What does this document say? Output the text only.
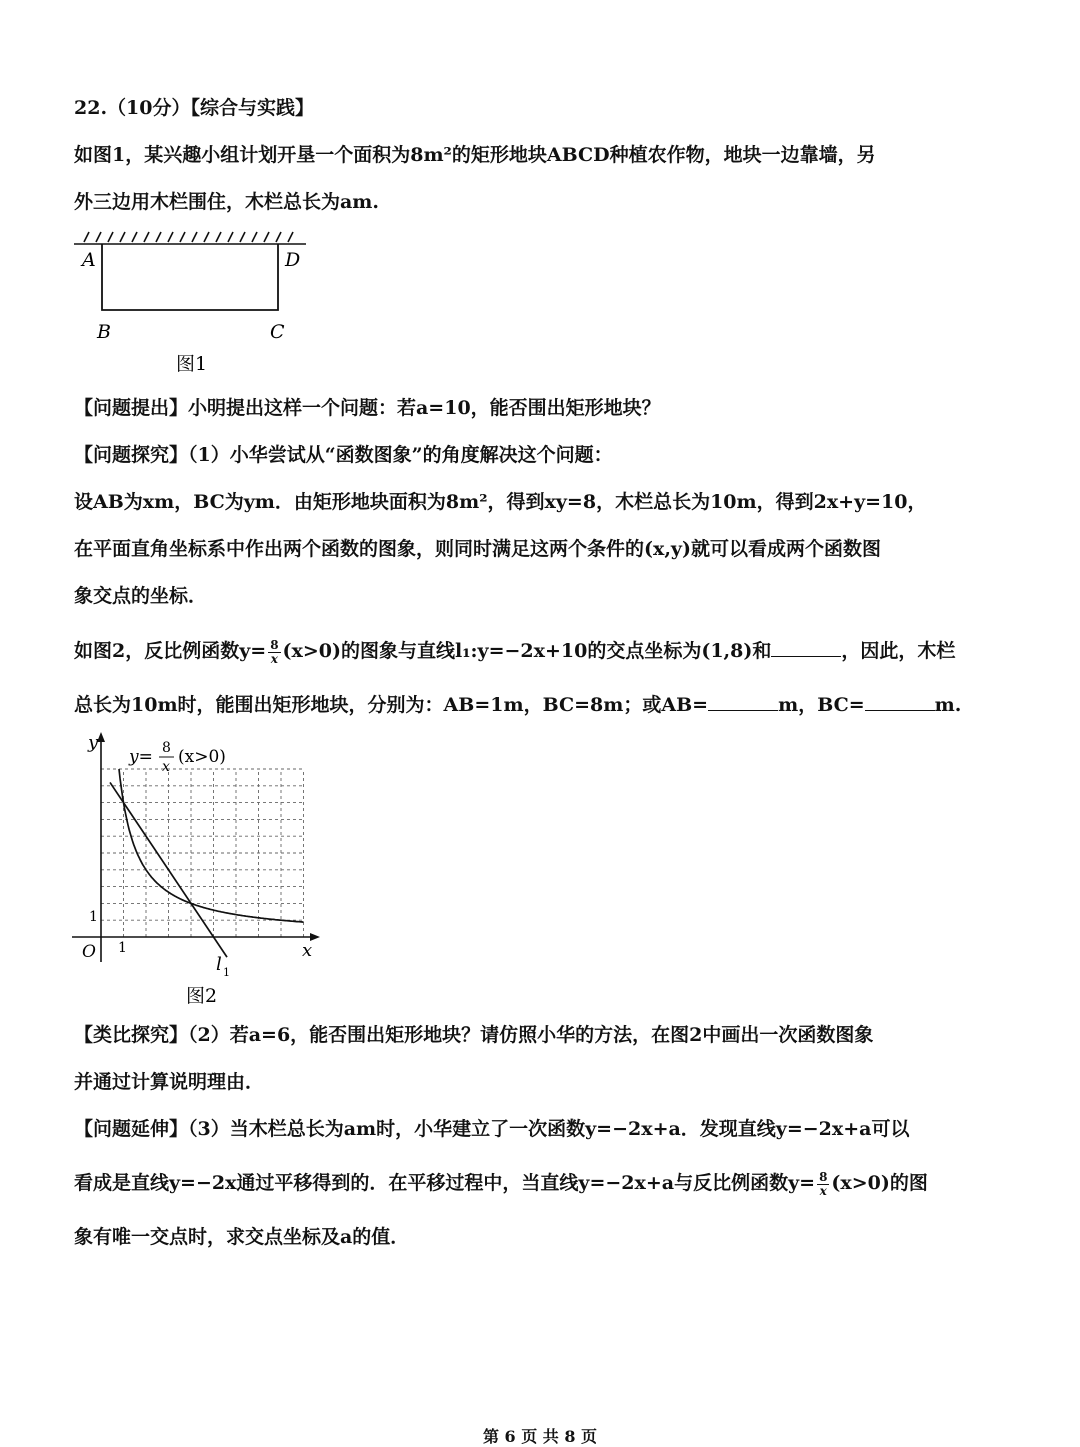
22.（10分）【综合与实践】
如图1，某兴趣小组计划开垦一个面积为8m²的矩形地块ABCD种植农作物，地块一边靠墙，另
外三边用木栏围住，木栏总长为am.
A	D
B	C
图1
【问题提出】小明提出这样一个问题：若a=10，能否围出矩形地块？
【问题探究】（1）小华尝试从“函数图象”的角度解决这个问题：
设AB为xm，BC为ym．由矩形地块面积为8m²，得到xy=8，木栏总长为10m，得到2x+y=10，
在平面直角坐标系中作出两个函数的图象，则同时满足这两个条件的(x,y)就可以看成两个函数图
象交点的坐标．
如图2，反比例函数$y= \frac{8}{x} (x>0)$的图象与直线l₁:y=−2x+10的交点坐标为(1,8)和	，因此，木栏
总长为10m时，能围出矩形地块，分别为：AB=1m，BC=8m；或AB=	m，BC=	m.
y
x
O 1
1
y= 8
x (x>0)
l 1
图2
【类比探究】（2）若a=6，能否围出矩形地块？请仿照小华的方法，在图2中画出一次函数图象
并通过计算说明理由．
【问题延伸】（3）当木栏总长为am时，小华建立了一次函数y=−2x+a．发现直线y=−2x+a可以
看成是直线y=−2x通过平移得到的．在平移过程中，当直线y=−2x+a与反比例函数$y= \frac{8}{x} (x>0)$的图
象有唯一交点时，求交点坐标及a的值．
第 6 页 共 8 页
